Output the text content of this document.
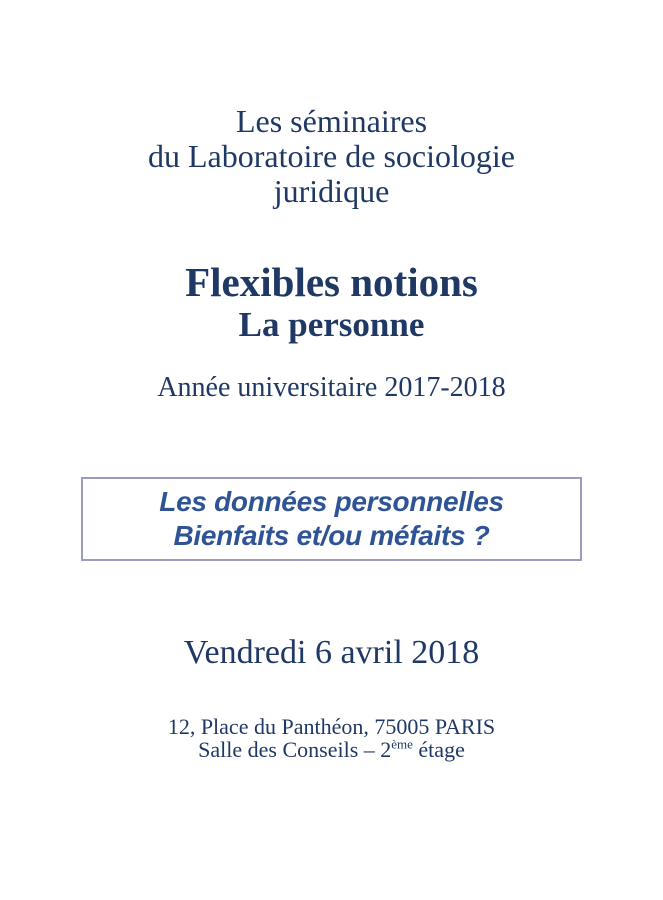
Les séminaires
du Laboratoire de sociologie
juridique
Flexibles notions
La personne
Année universitaire 2017-2018
Les données personnelles
Bienfaits et/ou méfaits ?
Vendredi 6 avril 2018
12, Place du Panthéon, 75005 PARIS
Salle des Conseils – 2ème étage
